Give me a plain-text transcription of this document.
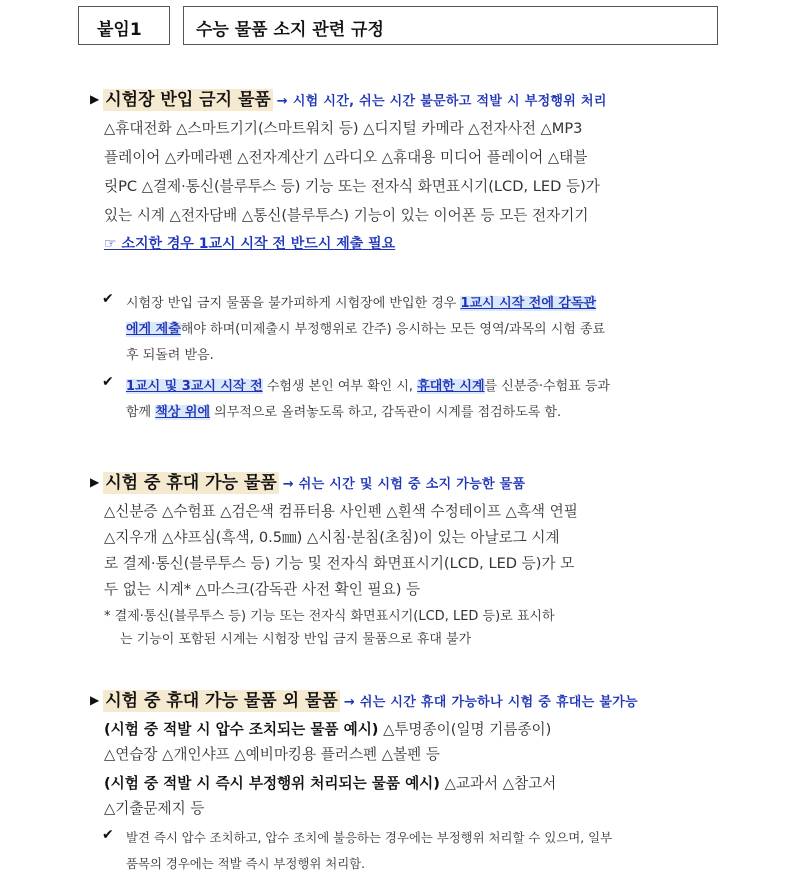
붙임1	수능 물품 소지 관련 규정
▶ 시험장 반입 금지 물품 → 시험 시간, 쉬는 시간 불문하고 적발 시 부정행위 처리
△휴대전화 △스마트기기(스마트워치 등) △디지털 카메라 △전자사전 △MP3
플레이어 △카메라펜 △전자계산기 △라디오 △휴대용 미디어 플레이어 △태블
릿PC △결제·통신(블루투스 등) 기능 또는 전자식 화면표시기(LCD, LED 등)가
있는 시계 △전자담배 △통신(블루투스) 기능이 있는 이어폰 등 모든 전자기기
☞ 소지한 경우 1교시 시작 전 반드시 제출 필요
✔ 시험장 반입 금지 물품을 불가피하게 시험장에 반입한 경우 1교시 시작 전에 감독관
에게 제출해야 하며(미제출시 부정행위로 간주) 응시하는 모든 영역/과목의 시험 종료
후 되돌려 받음.
✔ 1교시 및 3교시 시작 전 수험생 본인 여부 확인 시, 휴대한 시계를 신분증·수험표 등과
함께 책상 위에 의무적으로 올려놓도록 하고, 감독관이 시계를 점검하도록 함.
▶ 시험 중 휴대 가능 물품 → 쉬는 시간 및 시험 중 소지 가능한 물품
△신분증 △수험표 △검은색 컴퓨터용 사인펜 △흰색 수정테이프 △흑색 연필
△지우개 △샤프심(흑색, 0.5㎜) △시침·분침(초침)이 있는 아날로그 시계
로 결제·통신(블루투스 등) 기능 및 전자식 화면표시기(LCD, LED 등)가 모
두 없는 시계* △마스크(감독관 사전 확인 필요) 등
* 결제·통신(블루투스 등) 기능 또는 전자식 화면표시기(LCD, LED 등)로 표시하
는 기능이 포함된 시계는 시험장 반입 금지 물품으로 휴대 불가
▶ 시험 중 휴대 가능 물품 외 물품 → 쉬는 시간 휴대 가능하나 시험 중 휴대는 불가능
(시험 중 적발 시 압수 조치되는 물품 예시) △투명종이(일명 기름종이)
△연습장 △개인샤프 △예비마킹용 플러스펜 △볼펜 등
(시험 중 적발 시 즉시 부정행위 처리되는 물품 예시) △교과서 △참고서
△기출문제지 등
✔ 발견 즉시 압수 조치하고, 압수 조치에 불응하는 경우에는 부정행위 처리할 수 있으며, 일부
품목의 경우에는 적발 즉시 부정행위 처리함.
